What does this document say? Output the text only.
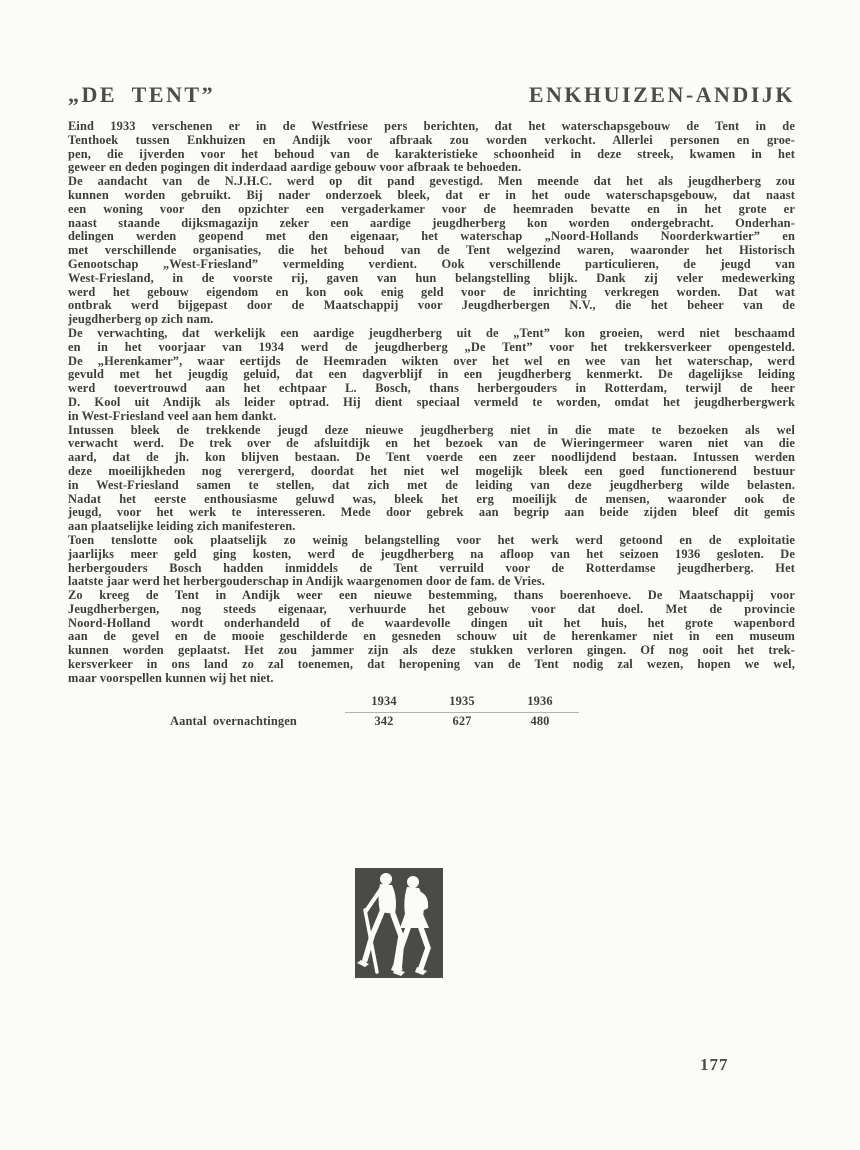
„DE TENT”	ENKHUIZEN-ANDIJK
Eind 1933 verschenen er in de Westfriese pers berichten, dat het waterschapsgebouw de Tent in de
Tenthoek tussen Enkhuizen en Andijk voor afbraak zou worden verkocht. Allerlei personen en groe-
pen, die ijverden voor het behoud van de karakteristieke schoonheid in deze streek, kwamen in het
geweer en deden pogingen dit inderdaad aardige gebouw voor afbraak te behoeden.
De aandacht van de N.J.H.C. werd op dit pand gevestigd. Men meende dat het als jeugdherberg zou
kunnen worden gebruikt. Bij nader onderzoek bleek, dat er in het oude waterschapsgebouw, dat naast
een woning voor den opzichter een vergaderkamer voor de heemraden bevatte en in het grote er
naast staande dijksmagazijn zeker een aardige jeugdherberg kon worden ondergebracht. Onderhan-
delingen werden geopend met den eigenaar, het waterschap „Noord-Hollands Noorderkwartier” en
met verschillende organisaties, die het behoud van de Tent welgezind waren, waaronder het Historisch
Genootschap „West-Friesland” vermelding verdient. Ook verschillende particulieren, de jeugd van
West-Friesland, in de voorste rij, gaven van hun belangstelling blijk. Dank zij veler medewerking
werd het gebouw eigendom en kon ook enig geld voor de inrichting verkregen worden. Dat wat
ontbrak werd bijgepast door de Maatschappij voor Jeugdherbergen N.V., die het beheer van de
jeugdherberg op zich nam.
De verwachting, dat werkelijk een aardige jeugdherberg uit de „Tent” kon groeien, werd niet beschaamd
en in het voorjaar van 1934 werd de jeugdherberg „De Tent” voor het trekkersverkeer opengesteld.
De „Herenkamer”, waar eertijds de Heemraden wikten over het wel en wee van het waterschap, werd
gevuld met het jeugdig geluid, dat een dagverblijf in een jeugdherberg kenmerkt. De dagelijkse leiding
werd toevertrouwd aan het echtpaar L. Bosch, thans herbergouders in Rotterdam, terwijl de heer
D. Kool uit Andijk als leider optrad. Hij dient speciaal vermeld te worden, omdat het jeugdherbergwerk
in West-Friesland veel aan hem dankt.
Intussen bleek de trekkende jeugd deze nieuwe jeugdherberg niet in die mate te bezoeken als wel
verwacht werd. De trek over de afsluitdijk en het bezoek van de Wieringermeer waren niet van die
aard, dat de jh. kon blijven bestaan. De Tent voerde een zeer noodlijdend bestaan. Intussen werden
deze moeilijkheden nog verergerd, doordat het niet wel mogelijk bleek een goed functionerend bestuur
in West-Friesland samen te stellen, dat zich met de leiding van deze jeugdherberg wilde belasten.
Nadat het eerste enthousiasme geluwd was, bleek het erg moeilijk de mensen, waaronder ook de
jeugd, voor het werk te interesseren. Mede door gebrek aan begrip aan beide zijden bleef dit gemis
aan plaatselijke leiding zich manifesteren.
Toen tenslotte ook plaatselijk zo weinig belangstelling voor het werk werd getoond en de exploitatie
jaarlijks meer geld ging kosten, werd de jeugdherberg na afloop van het seizoen 1936 gesloten. De
herbergouders Bosch hadden inmiddels de Tent verruild voor de Rotterdamse jeugdherberg. Het
laatste jaar werd het herbergouderschap in Andijk waargenomen door de fam. de Vries.
Zo kreeg de Tent in Andijk weer een nieuwe bestemming, thans boerenhoeve. De Maatschappij voor
Jeugdherbergen, nog steeds eigenaar, verhuurde het gebouw voor dat doel. Met de provincie
Noord-Holland wordt onderhandeld of de waardevolle dingen uit het huis, het grote wapenbord
aan de gevel en de mooie geschilderde en gesneden schouw uit de herenkamer niet in een museum
kunnen worden geplaatst. Het zou jammer zijn als deze stukken verloren gingen. Of nog ooit het trek-
kersverkeer in ons land zo zal toenemen, dat heropening van de Tent nodig zal wezen, hopen we wel,
maar voorspellen kunnen wij het niet.
1934	1935	1936
Aantal overnachtingen	342	627	480
177
